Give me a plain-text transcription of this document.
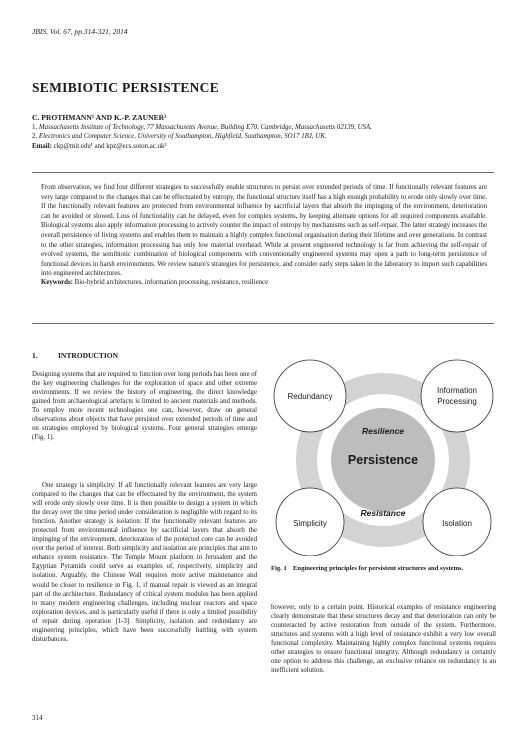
JBIS, Vol. 67, pp.314-321, 2014
SEMIBIOTIC PERSISTENCE
C. PROTHMANN¹ AND K.-P. ZAUNER²
1. Massachusetts Institute of Technology, 77 Massachusetts Avenue, Building E70, Cambridge, Massachusetts 02139, USA.
2. Electronics and Computer Science, University of Southampton, Highfield, Southampton, SO17 1BJ, UK.
Email: ckp@mit.edu¹ and kpz@ecs.soton.ac.uk²

From observation, we find four different strategies to successfully enable structures to persist over extended periods of time. If functionally relevant features are very large compared to the changes that can be effectuated by entropy, the functional structure itself has a high enough probability to erode only slowly over time. If the functionally relevant features are protected from environmental influence by sacrificial layers that absorb the impinging of the environment, deterioration can be avoided or slowed. Loss of functionality can be delayed, even for complex systems, by keeping alternate options for all required components available. Biological systems also apply information processing to actively counter the impact of entropy by mechanisms such as self-repair. The latter strategy increases the overall persistence of living systems and enables them to maintain a highly complex functional organisation during their lifetime and over generations. In contrast to the other strategies, information processing has only low material overhead. While at present engineered technology is far from achieving the self-repair of evolved systems, the semibiotic combination of biological components with conventionally engineered systems may open a path to long-term persistence of functional devices in harsh environments. We review nature's strategies for persistence, and consider early steps taken in the laboratory to import such capabilities into engineered architectures.

Keywords: Bio-hybrid architectures, information processing, resistance, resilience
1.	INTRODUCTION

Designing systems that are required to function over long periods has been one of the key engineering challenges for the exploration of space and other extreme environments. If we review the history of engineering, the direct knowledge gained from archaeological artefacts is limited to ancient materials and methods. To employ more recent technologies one can, however, draw on general observations about objects that have persisted over extended periods of time and on strategies employed by biological systems. Four general strategies emerge (Fig. 1).

One strategy is simplicity: If all functionally relevant features are very large compared to the changes that can be effectuated by the environment, the system will erode only slowly over time. It is then possible to design a system in which the decay over the time period under consideration is negligible with regard to its function. Another strategy is isolation: If the functionally relevant features are protected from environmental influence by sacrificial layers that absorb the impinging of the environment, deterioration of the protected core can be avoided over the period of interest. Both simplicity and isolation are principles that aim to enhance system resistance. The Temple Mount platform in Jerusalem and the Egyptian Pyramids could serve as examples of, respectively, simplicity and isolation. Arguably, the Chinese Wall requires more active maintenance and would be closer to resilience in Fig. 1, if manual repair is viewed as an integral part of the architecture. Redundancy of critical system modules has been applied to many modern engineering challenges, including nuclear reactors and space exploration devices, and is particularly useful if there is only a limited possibility of repair during operation [1-3]. Simplicity, isolation and redundancy are engineering principles, which have been successfully battling with system disturbances,

Persistence
Resilience
Resistance
Redundancy
Information
Processing
Simplicity	Isolation

Fig. 1 Engineering principles for persistent structures and systems.

however, only to a certain point. Historical examples of resistance engineering clearly demonstrate that these structures decay and that deterioration can only be counteracted by active restoration from outside of the system. Furthermore, structures and systems with a high level of resistance exhibit a very low overall functional complexity. Maintaining highly complex functional systems requires other strategies to ensure functional integrity. Although redundancy is certainly one option to address this challenge, an exclusive reliance on redundancy is an inefficient solution.

314
